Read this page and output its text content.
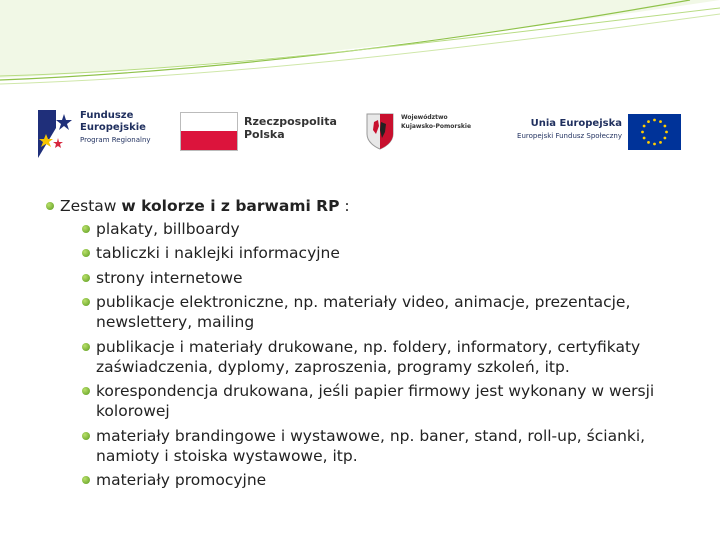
Fundusze
Europejskie
Program Regionalny
Rzeczpospolita
Polska
Województwo
Kujawsko-Pomorskie	Unia Europejska
Europejski Fundusz Społeczny
Zestaw w kolorze i z barwami RP :
plakaty, billboardy
tabliczki i naklejki informacyjne
strony internetowe
publikacje elektroniczne, np. materiały video, animacje, prezentacje, newslettery, mailing
publikacje i materiały drukowane, np. foldery, informatory, certyfikaty zaświadczenia, dyplomy, zaproszenia, programy szkoleń, itp.
korespondencja drukowana, jeśli papier firmowy jest wykonany w wersji kolorowej
materiały brandingowe i wystawowe, np. baner, stand, roll-up, ścianki, namioty i stoiska wystawowe, itp.
materiały promocyjne
